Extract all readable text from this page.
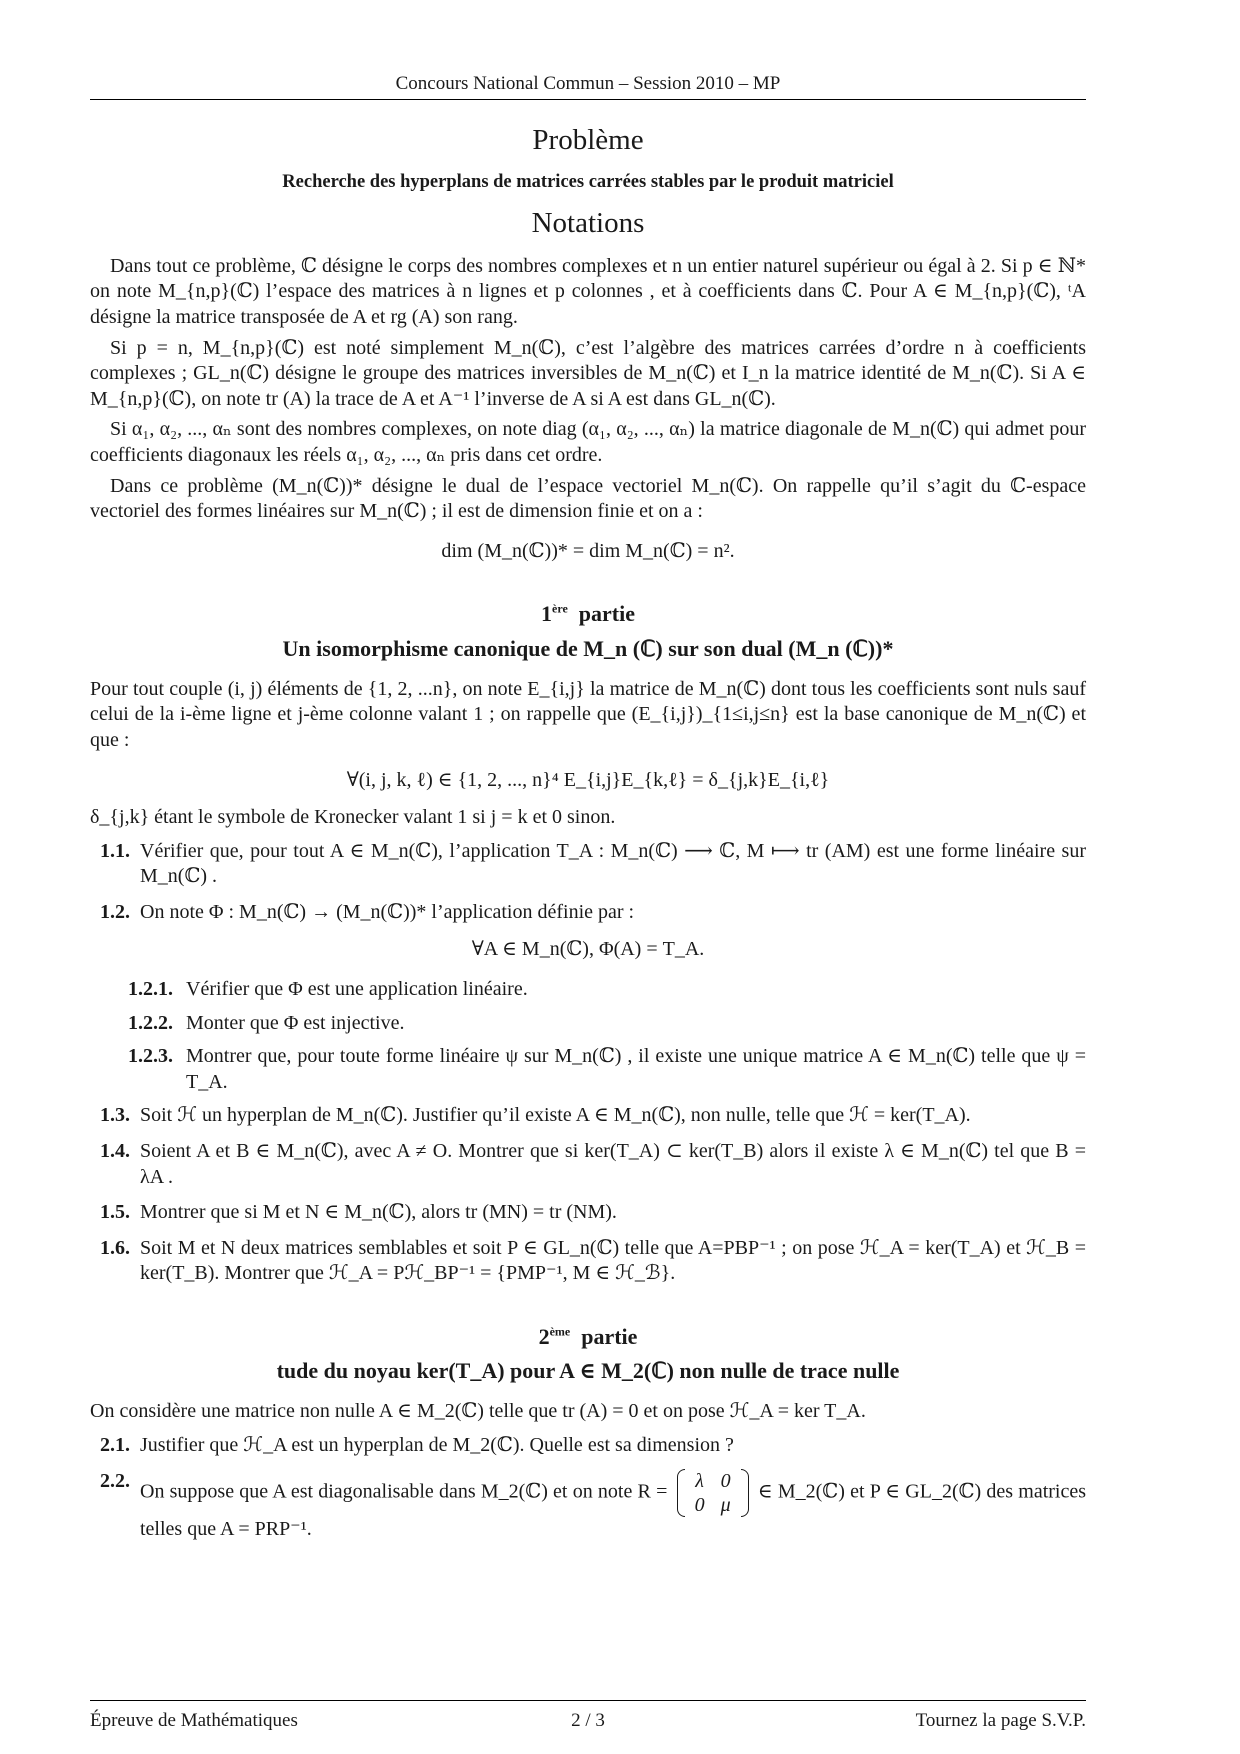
Concours National Commun – Session 2010 – MP
Problème
Recherche des hyperplans de matrices carrées stables par le produit matriciel
Notations

Dans tout ce problème, ℂ désigne le corps des nombres complexes et n un entier naturel supérieur ou égal à 2. Si p ∈ ℕ* on note M_{n,p}(ℂ) l’espace des matrices à n lignes et p colonnes , et à coefficients dans ℂ. Pour A ∈ M_{n,p}(ℂ), ᵗA désigne la matrice transposée de A et rg (A) son rang.

Si p = n, M_{n,p}(ℂ) est noté simplement M_n(ℂ), c’est l’algèbre des matrices carrées d’ordre n à coefficients complexes ; GL_n(ℂ) désigne le groupe des matrices inversibles de M_n(ℂ) et I_n la matrice identité de M_n(ℂ). Si A ∈ M_{n,p}(ℂ), on note tr (A) la trace de A et A⁻¹ l’inverse de A si A est dans GL_n(ℂ).

Si α₁, α₂, ..., αₙ sont des nombres complexes, on note diag (α₁, α₂, ..., αₙ) la matrice diagonale de M_n(ℂ) qui admet pour coefficients diagonaux les réels α₁, α₂, ..., αₙ pris dans cet ordre.

Dans ce problème (M_n(ℂ))* désigne le dual de l’espace vectoriel M_n(ℂ). On rappelle qu’il s’agit du ℂ-espace vectoriel des formes linéaires sur M_n(ℂ) ; il est de dimension finie et on a :

dim (M_n(ℂ))* = dim M_n(ℂ) = n².
1ère partie
Un isomorphisme canonique de M_n (ℂ) sur son dual (M_n (ℂ))*

Pour tout couple (i, j) éléments de {1, 2, ...n}, on note E_{i,j} la matrice de M_n(ℂ) dont tous les coefficients sont nuls sauf celui de la i-ème ligne et j-ème colonne valant 1 ; on rappelle que (E_{i,j})_{1≤i,j≤n} est la base canonique de M_n(ℂ) et que :

∀(i, j, k, ℓ) ∈ {1, 2, ..., n}⁴ E_{i,j}E_{k,ℓ} = δ_{j,k}E_{i,ℓ}

δ_{j,k} étant le symbole de Kronecker valant 1 si j = k et 0 sinon.

1.1. Vérifier que, pour tout A ∈ M_n(ℂ), l’application T_A : M_n(ℂ) ⟶ ℂ, M ⟼ tr (AM) est une forme linéaire sur M_n(ℂ) .
1.2. On note Φ : M_n(ℂ) → (M_n(ℂ))* l’application définie par :
∀A ∈ M_n(ℂ), Φ(A) = T_A.
1.2.1. Vérifier que Φ est une application linéaire.
1.2.2. Monter que Φ est injective.
1.2.3. Montrer que, pour toute forme linéaire ψ sur M_n(ℂ) , il existe une unique matrice A ∈ M_n(ℂ) telle que ψ = T_A.
1.3. Soit ℋ un hyperplan de M_n(ℂ). Justifier qu’il existe A ∈ M_n(ℂ), non nulle, telle que ℋ = ker(T_A).
1.4. Soient A et B ∈ M_n(ℂ), avec A ≠ O. Montrer que si ker(T_A) ⊂ ker(T_B) alors il existe λ ∈ M_n(ℂ) tel que B = λA .
1.5. Montrer que si M et N ∈ M_n(ℂ), alors tr (MN) = tr (NM).
1.6. Soit M et N deux matrices semblables et soit P ∈ GL_n(ℂ) telle que A=PBP⁻¹ ; on pose ℋ_A = ker(T_A) et ℋ_B = ker(T_B). Montrer que ℋ_A = Pℋ_BP⁻¹ = {PMP⁻¹, M ∈ ℋ_ℬ}.
2ème partie
tude du noyau ker(T_A) pour A ∈ M_2(ℂ) non nulle de trace nulle

On considère une matrice non nulle A ∈ M_2(ℂ) telle que tr (A) = 0 et on pose ℋ_A = ker T_A.

2.1. Justifier que ℋ_A est un hyperplan de M_2(ℂ). Quelle est sa dimension ?
2.2. On suppose que A est diagonalisable dans M_2(ℂ) et on note R = λ	0
0	μ
∈ M_2(ℂ) et P ∈ GL_2(ℂ) des matrices telles que A = PRP⁻¹.
Épreuve de Mathématiques	2 / 3	Tournez la page S.V.P.
